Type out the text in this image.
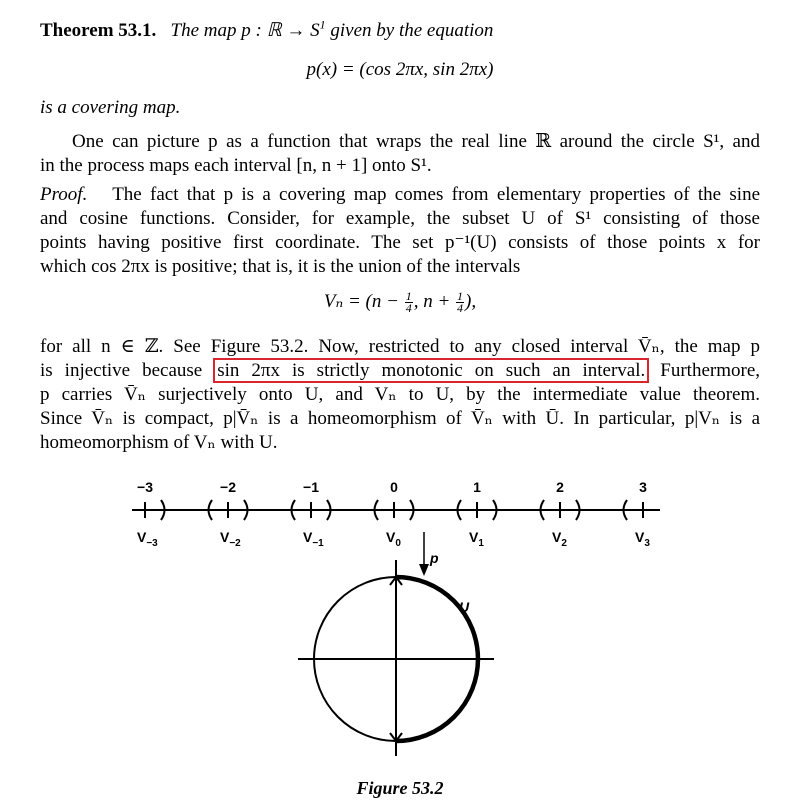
Theorem 53.1. The map p : ℝ → $S^1$ given by the equation
p(x) = (cos 2πx, sin 2πx)
is a covering map.
One can picture p as a function that wraps the real line ℝ around the circle S¹, and
in the process maps each interval [n, n + 1] onto S¹.
Proof. The fact that p is a covering map comes from elementary properties of the sine
and cosine functions. Consider, for example, the subset U of S¹ consisting of those
points having positive first coordinate. The set p⁻¹(U) consists of those points x for
which cos 2πx is positive; that is, it is the union of the intervals
$V_n = (n - \frac{1}{4}$ , $n + \frac{1}{4}$ ),
for all n ∈ ℤ. See Figure 53.2. Now, restricted to any closed interval V̄ₙ, the map p
is injective because sin 2πx is strictly monotonic on such an interval. Furthermore,
p carries V̄ₙ surjectively onto U, and Vₙ to U, by the intermediate value theorem.
Since V̄ₙ is compact, p|V̄ₙ is a homeomorphism of V̄ₙ with Ū. In particular, p|Vₙ is a
homeomorphism of Vₙ with U.
−3	−2	−1	0	1	2	3
$V_{-3}$	$V_{-2}$	$V_{-1}$	$V_0$	$V_1$	$V_2$	$V_3$
p
U
Figure 53.2
